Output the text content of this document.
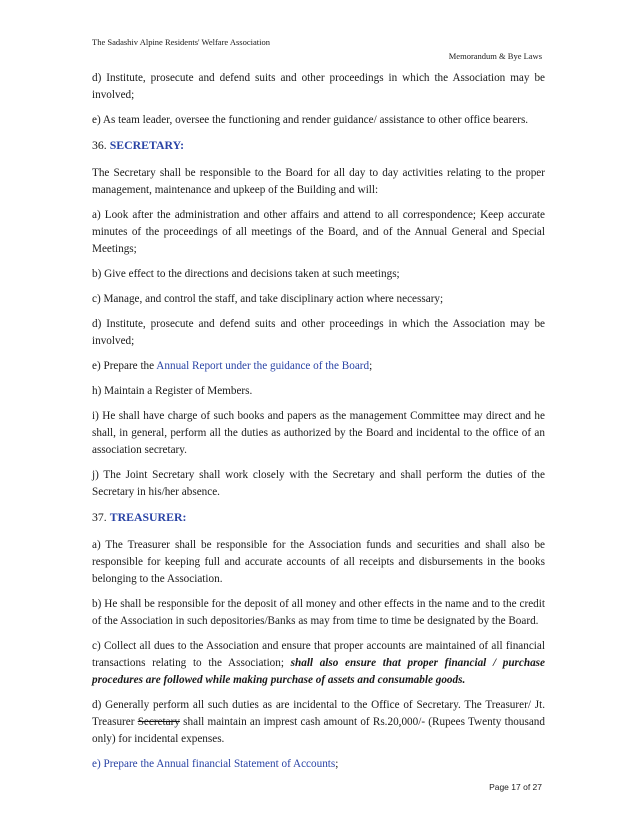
The Sadashiv Alpine Residents' Welfare Association
Memorandum & Bye Laws

d) Institute, prosecute and defend suits and other proceedings in which the Association may be involved;

e) As team leader, oversee the functioning and render guidance/ assistance to other office bearers.

36. SECRETARY:

The Secretary shall be responsible to the Board for all day to day activities relating to the proper management, maintenance and upkeep of the Building and will:

a) Look after the administration and other affairs and attend to all correspondence; Keep accurate minutes of the proceedings of all meetings of the Board, and of the Annual General and Special Meetings;

b) Give effect to the directions and decisions taken at such meetings;

c) Manage, and control the staff, and take disciplinary action where necessary;

d) Institute, prosecute and defend suits and other proceedings in which the Association may be involved;

e) Prepare the Annual Report under the guidance of the Board;

h) Maintain a Register of Members.

i) He shall have charge of such books and papers as the management Committee may direct and he shall, in general, perform all the duties as authorized by the Board and incidental to the office of an association secretary.

j) The Joint Secretary shall work closely with the Secretary and shall perform the duties of the Secretary in his/her absence.

37. TREASURER:

a) The Treasurer shall be responsible for the Association funds and securities and shall also be responsible for keeping full and accurate accounts of all receipts and disbursements in the books belonging to the Association.

b) He shall be responsible for the deposit of all money and other effects in the name and to the credit of the Association in such depositories/Banks as may from time to time be designated by the Board.

c) Collect all dues to the Association and ensure that proper accounts are maintained of all financial transactions relating to the Association; shall also ensure that proper financial / purchase procedures are followed while making purchase of assets and consumable goods.

d) Generally perform all such duties as are incidental to the Office of Secretary. The Treasurer/ Jt. Treasurer Secretary shall maintain an imprest cash amount of Rs.20,000/- (Rupees Twenty thousand only) for incidental expenses.

e) Prepare the Annual financial Statement of Accounts;

Page 17 of 27
